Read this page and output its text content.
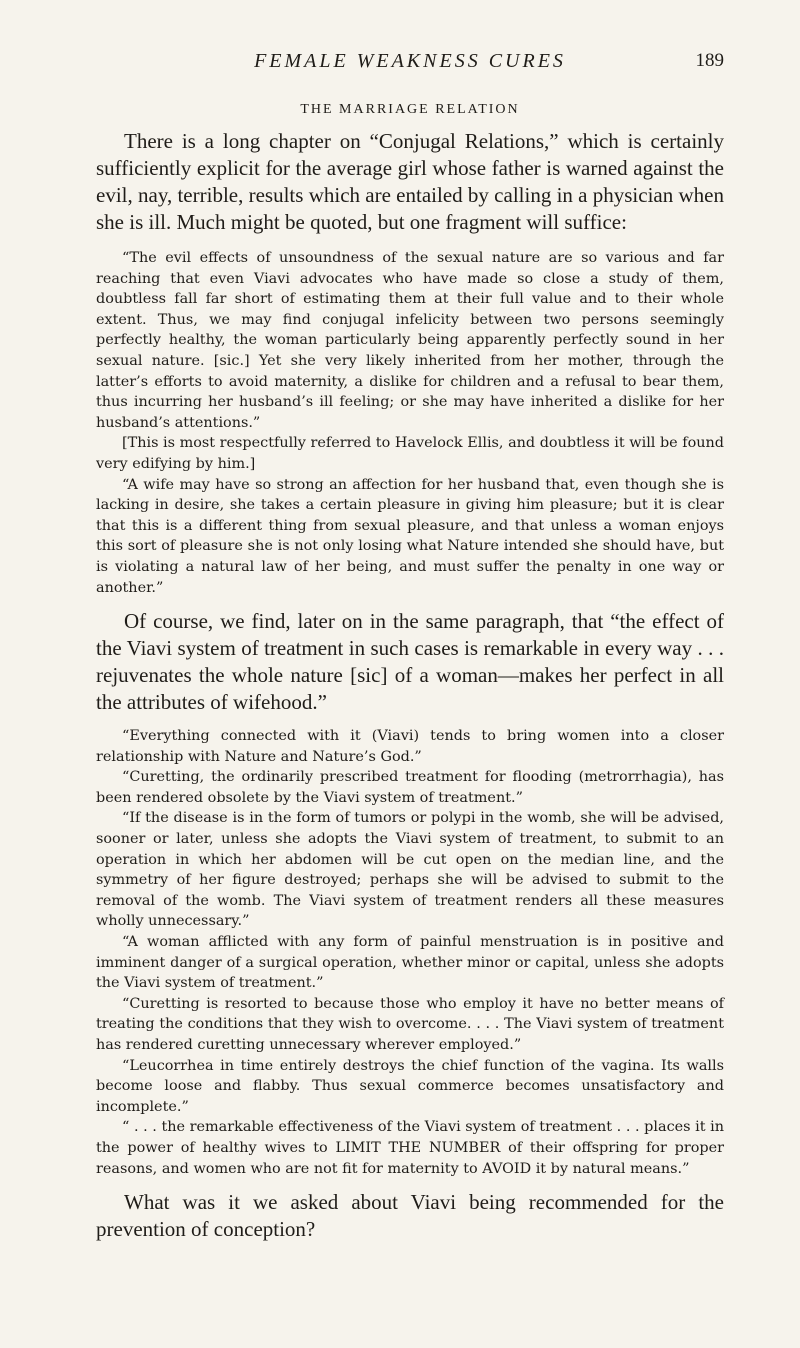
FEMALE WEAKNESS CURES	189
THE MARRIAGE RELATION

There is a long chapter on “Conjugal Relations,” which is certainly sufficiently explicit for the average girl whose father is warned against the evil, nay, terrible, results which are entailed by calling in a physician when she is ill. Much might be quoted, but one fragment will suffice:

“The evil effects of unsoundness of the sexual nature are so various and far reaching that even Viavi advocates who have made so close a study of them, doubtless fall far short of estimating them at their full value and to their whole extent. Thus, we may find conjugal infelicity between two persons seemingly perfectly healthy, the woman particularly being apparently perfectly sound in her sexual nature. [sic.] Yet she very likely inherited from her mother, through the latter’s efforts to avoid maternity, a dislike for children and a refusal to bear them, thus incurring her husband’s ill feeling; or she may have inherited a dislike for her husband’s attentions.”

[This is most respectfully referred to Havelock Ellis, and doubtless it will be found very edifying by him.]

“A wife may have so strong an affection for her husband that, even though she is lacking in desire, she takes a certain pleasure in giving him pleasure; but it is clear that this is a different thing from sexual pleasure, and that unless a woman enjoys this sort of pleasure she is not only losing what Nature intended she should have, but is violating a natural law of her being, and must suffer the penalty in one way or another.”

Of course, we find, later on in the same paragraph, that “the effect of the Viavi system of treatment in such cases is remarkable in every way . . . rejuvenates the whole nature [sic] of a woman—makes her perfect in all the attributes of wifehood.”

“Everything connected with it (Viavi) tends to bring women into a closer relationship with Nature and Nature’s God.”

“Curetting, the ordinarily prescribed treatment for flooding (metrorrhagia), has been rendered obsolete by the Viavi system of treatment.”

“If the disease is in the form of tumors or polypi in the womb, she will be advised, sooner or later, unless she adopts the Viavi system of treatment, to submit to an operation in which her abdomen will be cut open on the median line, and the symmetry of her figure destroyed; perhaps she will be advised to submit to the removal of the womb. The Viavi system of treatment renders all these measures wholly unnecessary.”

“A woman afflicted with any form of painful menstruation is in positive and imminent danger of a surgical operation, whether minor or capital, unless she adopts the Viavi system of treatment.”

“Curetting is resorted to because those who employ it have no better means of treating the conditions that they wish to overcome. . . . The Viavi system of treatment has rendered curetting unnecessary wherever employed.”

“Leucorrhea in time entirely destroys the chief function of the vagina. Its walls become loose and flabby. Thus sexual commerce becomes unsatisfactory and incomplete.”

“ . . . the remarkable effectiveness of the Viavi system of treatment . . . places it in the power of healthy wives to LIMIT THE NUMBER of their offspring for proper reasons, and women who are not fit for maternity to AVOID it by natural means.”

What was it we asked about Viavi being recommended for the prevention of conception?
